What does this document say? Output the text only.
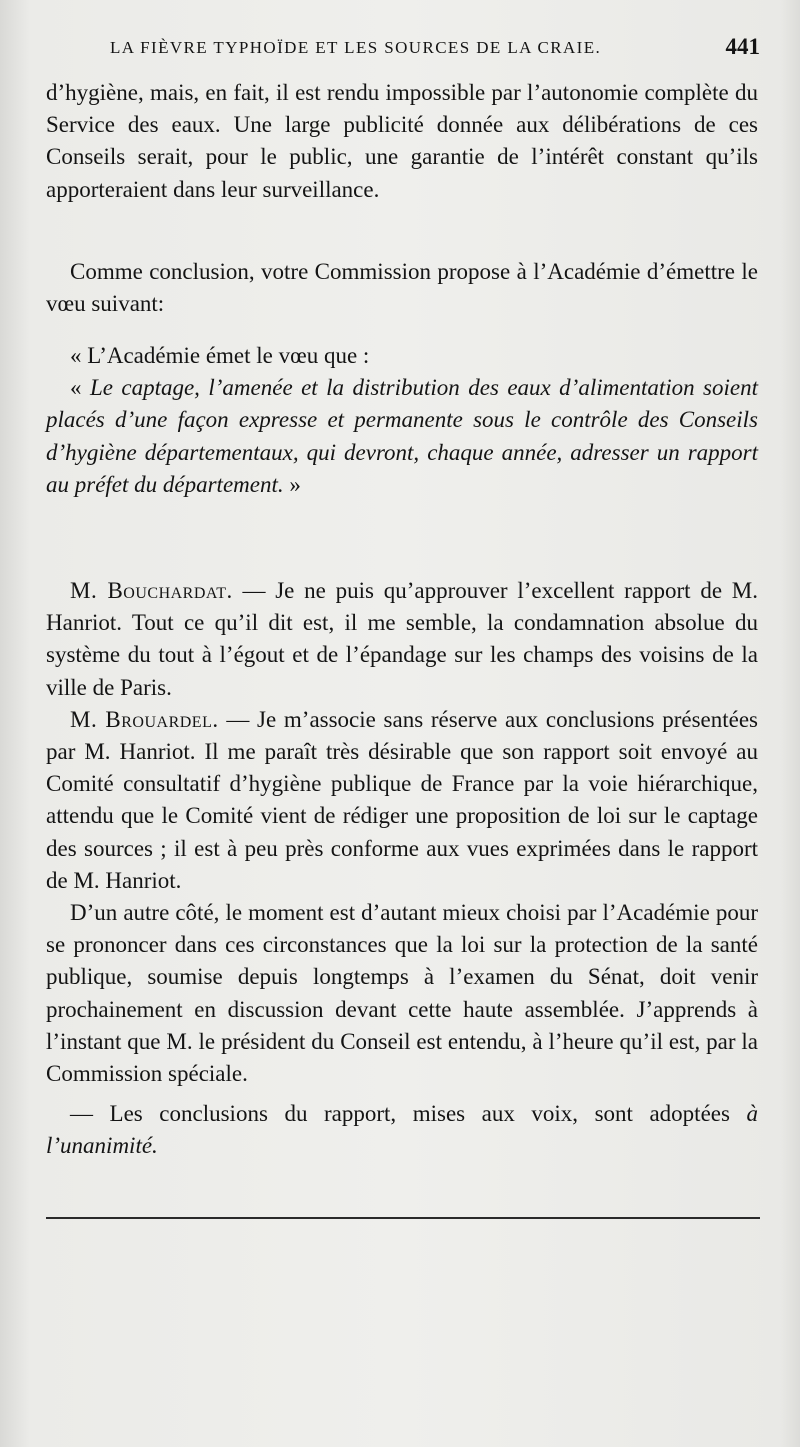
LA FIÈVRE TYPHOÏDE ET LES SOURCES DE LA CRAIE.	441

d’hygiène, mais, en fait, il est rendu impossible par l’autonomie complète du Service des eaux. Une large publicité donnée aux délibérations de ces Conseils serait, pour le public, une garantie de l’intérêt constant qu’ils apporteraient dans leur surveillance.

Comme conclusion, votre Commission propose à l’Académie d’émettre le vœu suivant:

« L’Académie émet le vœu que :

« Le captage, l’amenée et la distribution des eaux d’alimentation soient placés d’une façon expresse et permanente sous le contrôle des Conseils d’hygiène départementaux, qui devront, chaque année, adresser un rapport au préfet du département. »

M. Bouchardat. — Je ne puis qu’approuver l’excellent rapport de M. Hanriot. Tout ce qu’il dit est, il me semble, la condamnation absolue du système du tout à l’égout et de l’épandage sur les champs des voisins de la ville de Paris.

M. Brouardel. — Je m’associe sans réserve aux conclusions présentées par M. Hanriot. Il me paraît très désirable que son rapport soit envoyé au Comité consultatif d’hygiène publique de France par la voie hiérarchique, attendu que le Comité vient de rédiger une proposition de loi sur le captage des sources ; il est à peu près conforme aux vues exprimées dans le rapport de M. Hanriot.

D’un autre côté, le moment est d’autant mieux choisi par l’Académie pour se prononcer dans ces circonstances que la loi sur la protection de la santé publique, soumise depuis longtemps à l’examen du Sénat, doit venir prochainement en discussion devant cette haute assemblée. J’apprends à l’instant que M. le président du Conseil est entendu, à l’heure qu’il est, par la Commission spéciale.

— Les conclusions du rapport, mises aux voix, sont adoptées à l’unanimité.
